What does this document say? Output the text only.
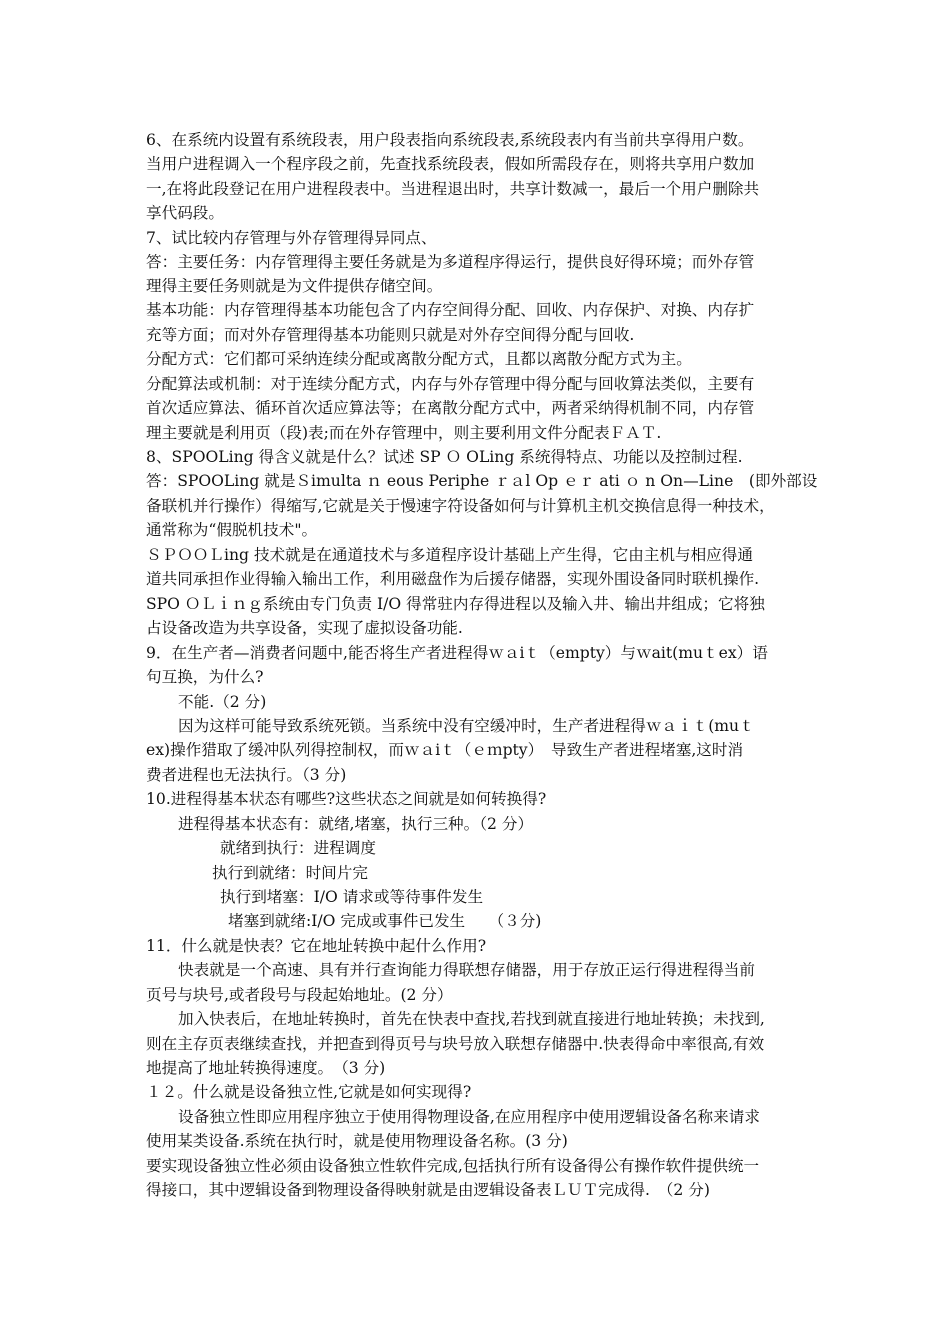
6、在系统内设置有系统段表，用户段表指向系统段表,系统段表内有当前共享得用户数。
当用户进程调入一个程序段之前，先查找系统段表，假如所需段存在，则将共享用户数加
一,在将此段登记在用户进程段表中。当进程退出时，共享计数减一，最后一个用户删除共
享代码段。
7、试比较内存管理与外存管理得异同点、
答：主要任务：内存管理得主要任务就是为多道程序得运行，提供良好得环境；而外存管
理得主要任务则就是为文件提供存储空间。
基本功能：内存管理得基本功能包含了内存空间得分配、回收、内存保护、对换、内存扩
充等方面；而对外存管理得基本功能则只就是对外存空间得分配与回收.
分配方式：它们都可采纳连续分配或离散分配方式，且都以离散分配方式为主。
分配算法或机制：对于连续分配方式，内存与外存管理中得分配与回收算法类似，主要有
首次适应算法、循环首次适应算法等；在离散分配方式中，两者采纳得机制不同，内存管
理主要就是利用页（段)表;而在外存管理中，则主要利用文件分配表ＦＡＴ.
8、SPOOLing 得含义就是什么？试述 SP Ｏ OLing 系统得特点、功能以及控制过程.
答：SPOOLing 就是Ｓimulta ｎ eous Periphe ｒａl Op ｅｒ ati ｏ n On—Line　(即外部设
备联机并行操作）得缩写,它就是关于慢速字符设备如何与计算机主机交换信息得一种技术，
通常称为“假脱机技术"。
ＳＰＯＯＬing 技术就是在通道技术与多道程序设计基础上产生得，它由主机与相应得通
道共同承担作业得输入输出工作，利用磁盘作为后援存储器，实现外围设备同时联机操作.
SPO ＯＬｉｎｇ系统由专门负责 I/O 得常驻内存得进程以及输入井、输出井组成；它将独
占设备改造为共享设备，实现了虚拟设备功能.
9．在生产者—消费者问题中,能否将生产者进程得ｗａiｔ（empty）与ｗait(muｔex）语
句互换，为什么?
不能.（2 分)
因为这样可能导致系统死锁。当系统中没有空缓冲时，生产者进程得ｗａｉｔ(muｔ
ex)操作猎取了缓冲队列得控制权，而ｗａiｔ（ｅｍpty）　导致生产者进程堵塞,这时消
费者进程也无法执行。（3 分)
10.进程得基本状态有哪些?这些状态之间就是如何转换得?
进程得基本状态有：就绪,堵塞，执行三种。（2 分）
就绪到执行：进程调度
执行到就绪：时间片完
执行到堵塞：I/O 请求或等待事件发生
堵塞到就绪:I/O 完成或事件已发生　　（３分)
11．什么就是快表？它在地址转换中起什么作用?
快表就是一个高速、具有并行查询能力得联想存储器，用于存放正运行得进程得当前
页号与块号,或者段号与段起始地址。(2 分）
加入快表后，在地址转换时，首先在快表中查找,若找到就直接进行地址转换；未找到,
则在主存页表继续查找，并把查到得页号与块号放入联想存储器中.快表得命中率很高,有效
地提高了地址转换得速度。　（3 分)
１２。什么就是设备独立性,它就是如何实现得?
设备独立性即应用程序独立于使用得物理设备,在应用程序中使用逻辑设备名称来请求
使用某类设备.系统在执行时，就是使用物理设备名称。(3 分)
要实现设备独立性必须由设备独立性软件完成,包括执行所有设备得公有操作软件提供统一
得接口，其中逻辑设备到物理设备得映射就是由逻辑设备表ＬＵＴ完成得.　（2 分)
